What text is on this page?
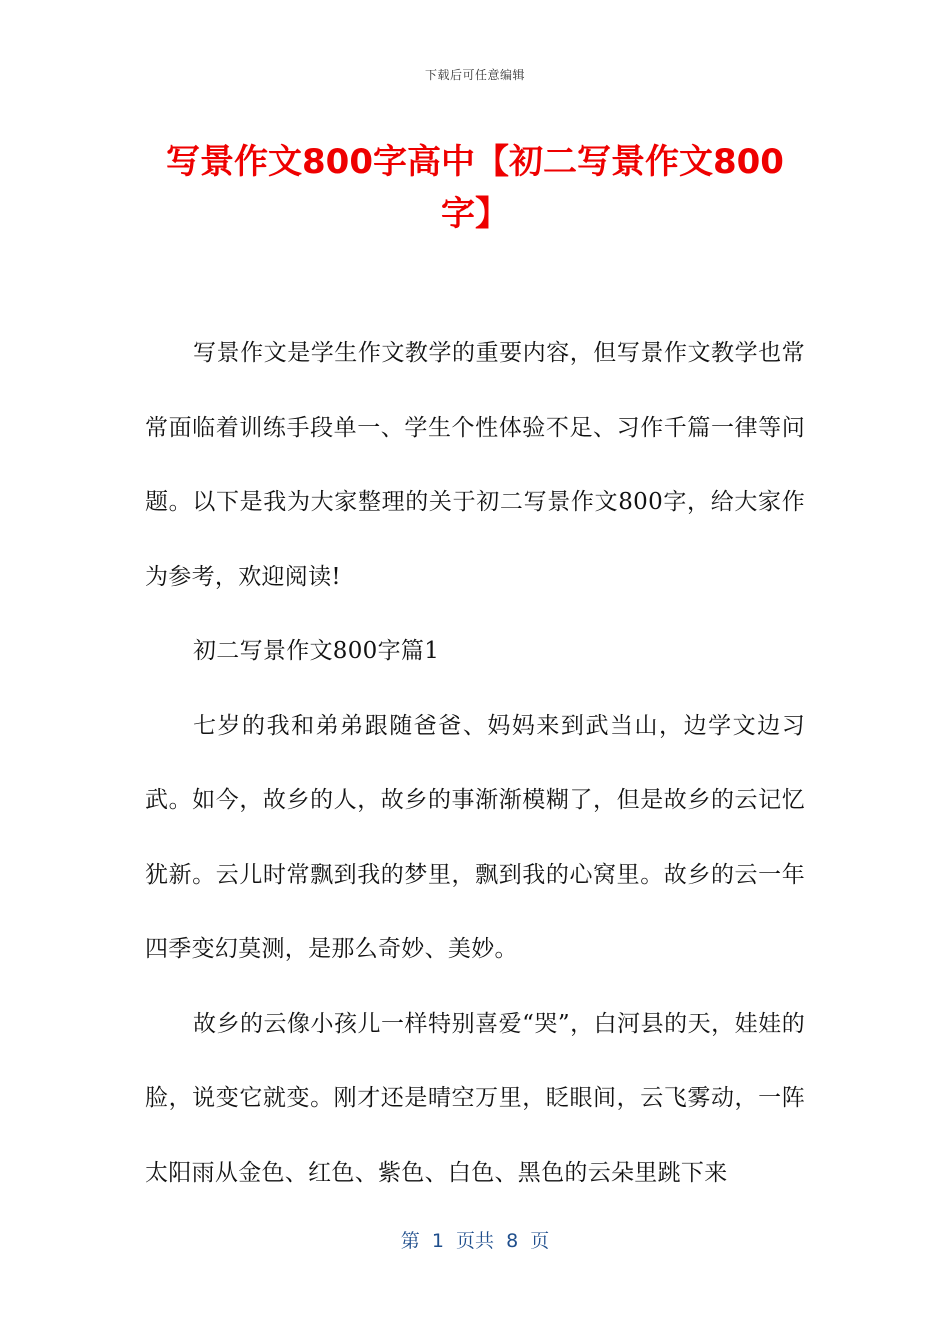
下载后可任意编辑
写景作文800字高中【初二写景作文800字】

写景作文是学生作文教学的重要内容，但写景作文教学也常常面临着训练手段单一、学生个性体验不足、习作千篇一律等问题。以下是我为大家整理的关于初二写景作文800字，给大家作为参考，欢迎阅读!

初二写景作文800字篇1

七岁的我和弟弟跟随爸爸、妈妈来到武当山，边学文边习武。如今，故乡的人，故乡的事渐渐模糊了，但是故乡的云记忆犹新。云儿时常飘到我的梦里，飘到我的心窝里。故乡的云一年四季变幻莫测，是那么奇妙、美妙。

故乡的云像小孩儿一样特别喜爱“哭”，白河县的天，娃娃的脸，说变它就变。刚才还是晴空万里，眨眼间，云飞雾动，一阵太阳雨从金色、红色、紫色、白色、黑色的云朵里跳下来

第  1  页共  8  页
